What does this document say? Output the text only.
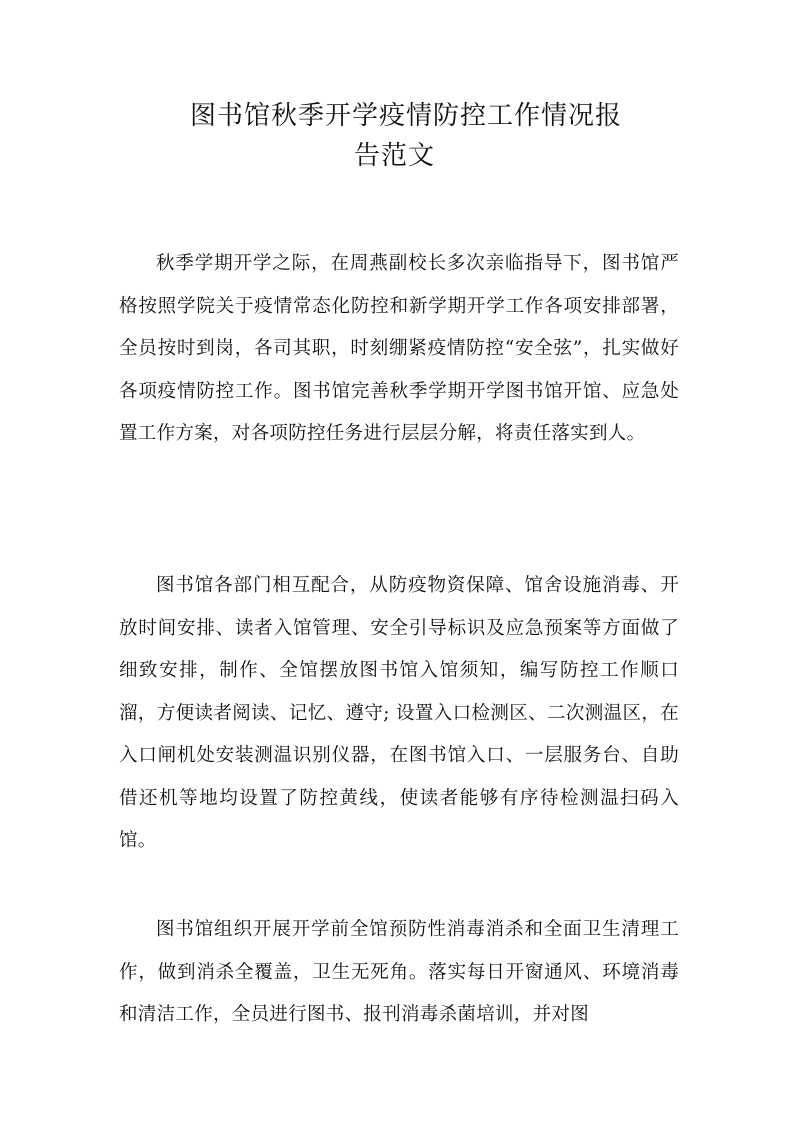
图书馆秋季开学疫情防控工作情况报
告范文

秋季学期开学之际，在周燕副校长多次亲临指导下，图书馆严格按照学院关于疫情常态化防控和新学期开学工作各项安排部署，全员按时到岗，各司其职，时刻绷紧疫情防控“安全弦”，扎实做好各项疫情防控工作。图书馆完善秋季学期开学图书馆开馆、应急处置工作方案，对各项防控任务进行层层分解，将责任落实到人。

图书馆各部门相互配合，从防疫物资保障、馆舍设施消毒、开放时间安排、读者入馆管理、安全引导标识及应急预案等方面做了细致安排，制作、全馆摆放图书馆入馆须知，编写防控工作顺口溜，方便读者阅读、记忆、遵守; 设置入口检测区、二次测温区，在入口闸机处安装测温识别仪器，在图书馆入口、一层服务台、自助借还机等地均设置了防控黄线，使读者能够有序待检测温扫码入馆。

图书馆组织开展开学前全馆预防性消毒消杀和全面卫生清理工作，做到消杀全覆盖，卫生无死角。落实每日开窗通风、环境消毒和清洁工作，全员进行图书、报刊消毒杀菌培训，并对图
